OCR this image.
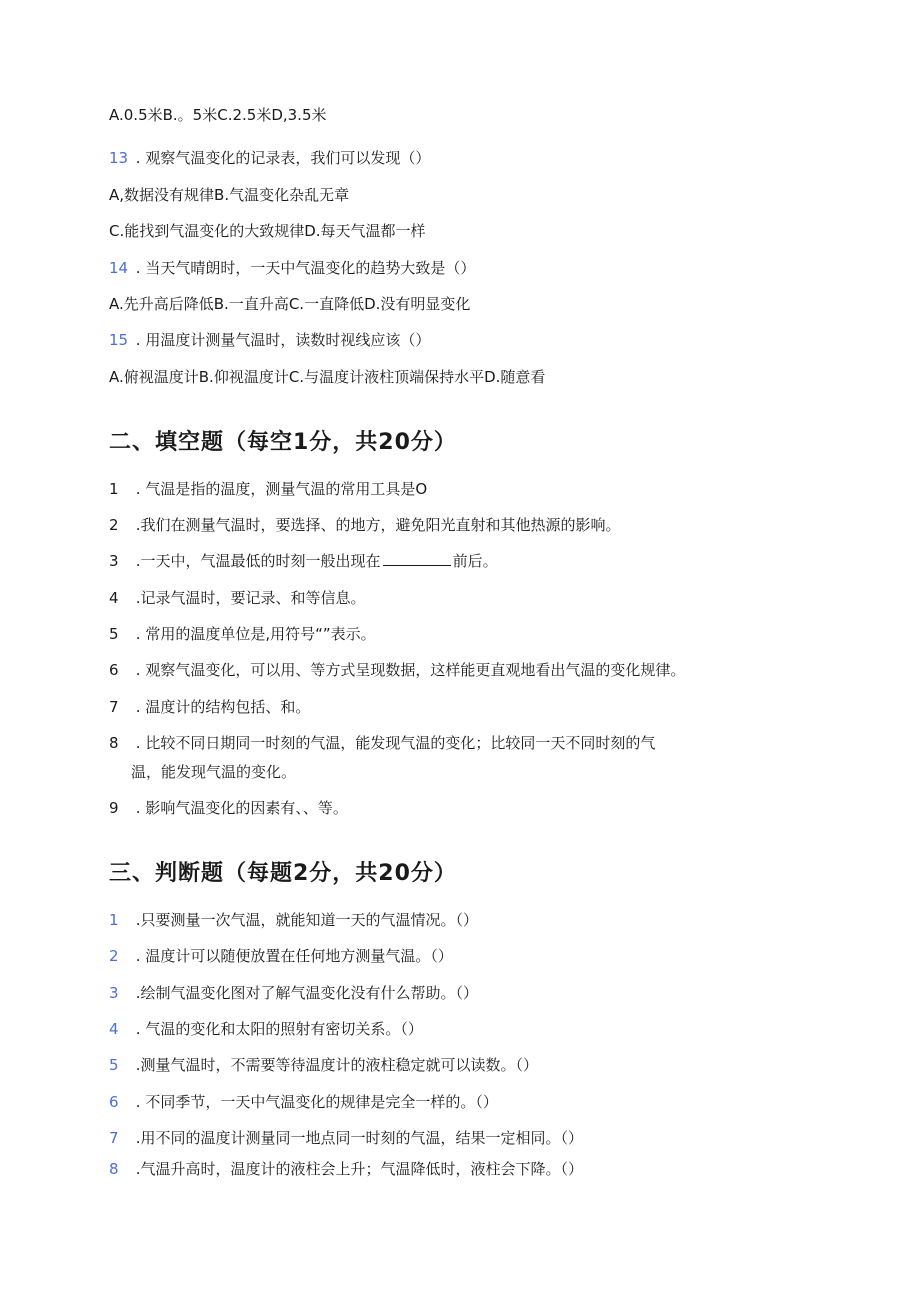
A.0.5米B.。5米C.2.5米D,3.5米
13 . 观察气温变化的记录表，我们可以发现（）
A,数据没有规律B.气温变化杂乱无章
C.能找到气温变化的大致规律D.每天气温都一样
14 . 当天气晴朗时，一天中气温变化的趋势大致是（）
A.先升高后降低B.一直升高C.一直降低D.没有明显变化
15 . 用温度计测量气温时，读数时视线应该（）
A.俯视温度计B.仰视温度计C.与温度计液柱顶端保持水平D.随意看
二、填空题（每空1分，共20分）
1 . 气温是指的温度，测量气温的常用工具是O
2 .我们在测量气温时，要选择、的地方，避免阳光直射和其他热源的影响。
3 .一天中，气温最低的时刻一般出现在	前后。
4 .记录气温时，要记录、和等信息。
5 . 常用的温度单位是,用符号“”表示。
6 . 观察气温变化，可以用、等方式呈现数据，这样能更直观地看出气温的变化规律。
7 . 温度计的结构包括、和。
8 . 比较不同日期同一时刻的气温，能发现气温的变化；比较同一天不同时刻的气
温，能发现气温的变化。
9 . 影响气温变化的因素有、、等。
三、判断题（每题2分，共20分）
1 .只要测量一次气温，就能知道一天的气温情况。（）
2 . 温度计可以随便放置在任何地方测量气温。（）
3 .绘制气温变化图对了解气温变化没有什么帮助。（）
4 . 气温的变化和太阳的照射有密切关系。（）
5 .测量气温时，不需要等待温度计的液柱稳定就可以读数。（）
6 . 不同季节，一天中气温变化的规律是完全一样的。（）
7 .用不同的温度计测量同一地点同一时刻的气温，结果一定相同。（）
8 .气温升高时，温度计的液柱会上升；气温降低时，液柱会下降。（）
